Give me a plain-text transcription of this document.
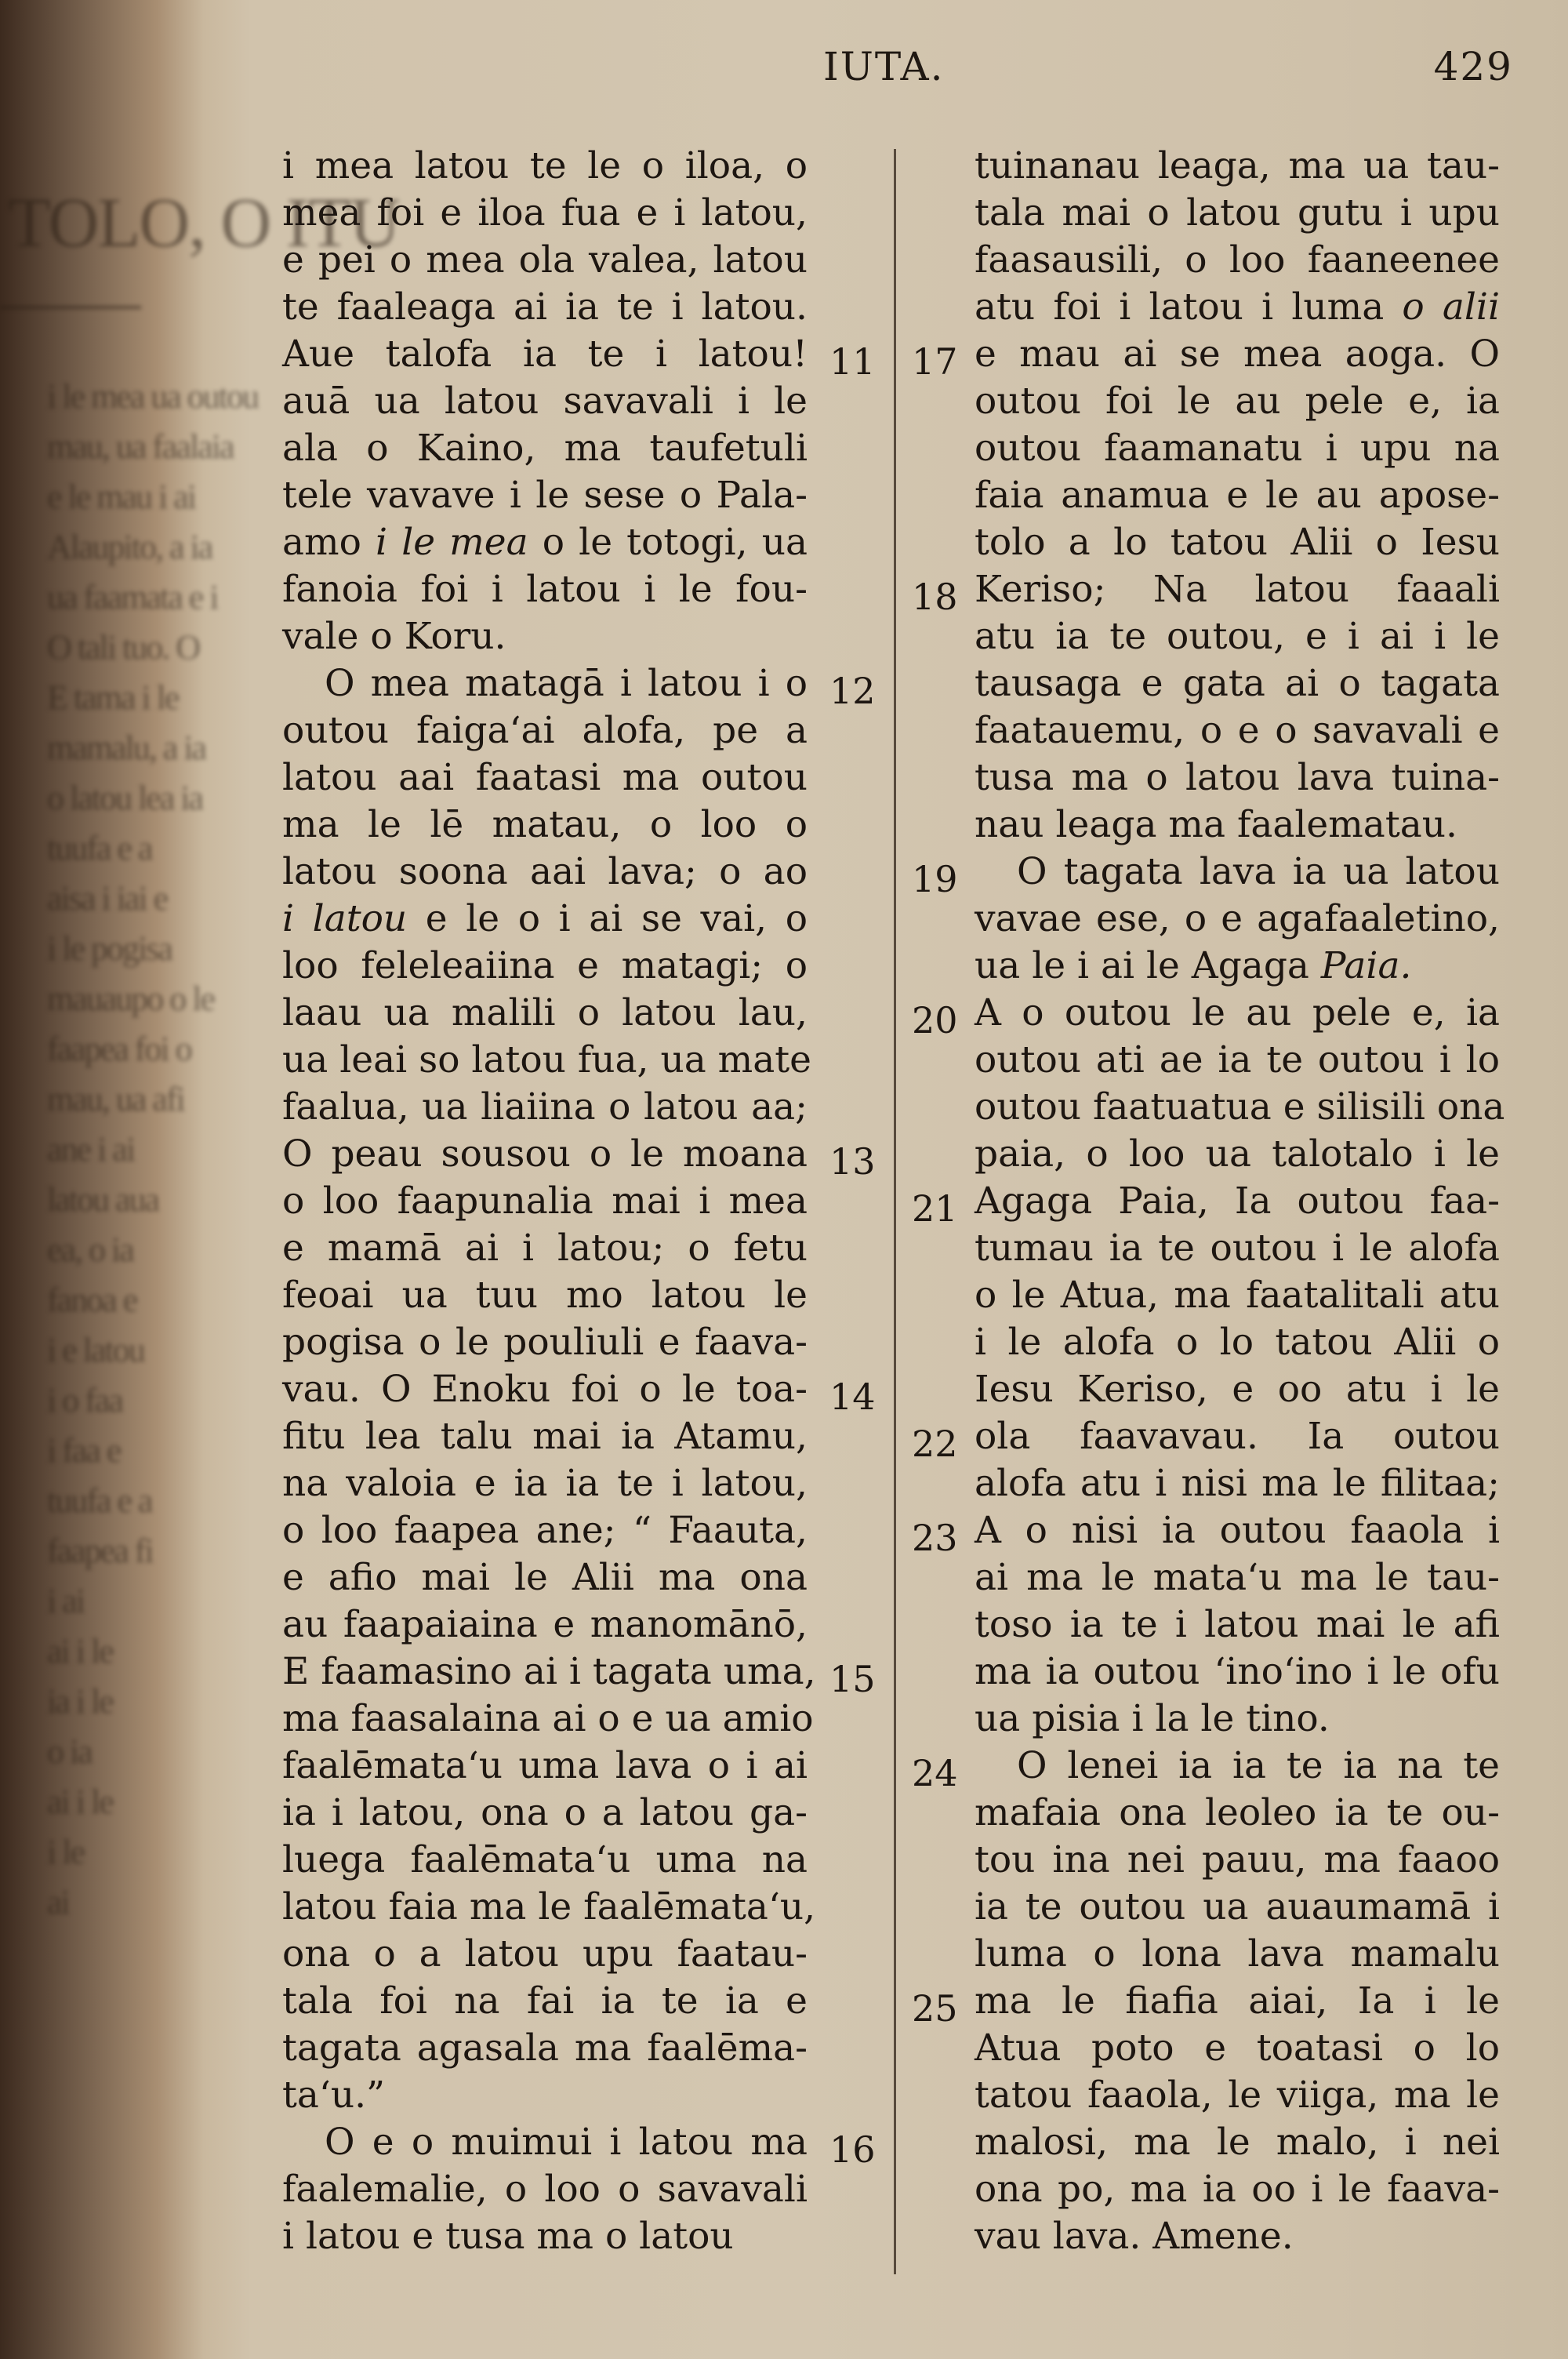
TOLO, O ITU
i le mea ua outou
mau, ua faalaia
e le mau i ai
Alaupito, a ia
ua faamata e i
O tali tuo. O
E tama i le
mamalu, a ia
o latou lea ia
tuufa e a
aisa i iai e
i le pogisa
mauaupo o le
faapea foi o
mau, ua afi
ane i ai
latou aua
ea, o ia
fanoa e
i e latou
i o faa
i faa e
tuufa e a
faapea fi
i ai
ai i le
ia i le
o ia
ai i le
i le
ai
IUTA.	429

i mea latou te le o iloa, o

mea foi e iloa fua e i latou,

e pei o mea ola valea, latou

te faaleaga ai ia te i latou.

Aue talofa ia te i latou!

auā ua latou savavali i le

ala o Kaino, ma taufetuli

tele vavave i le sese o Pala-

amo i le mea o le totogi, ua

fanoia foi i latou i le fou-

vale o Koru.

O mea matagā i latou i o

outou faiga‘ai alofa, pe a

latou aai faatasi ma outou

ma le lē matau, o loo o

latou soona aai lava; o ao

i latou e le o i ai se vai, o

loo feleleaiina e matagi; o

laau ua malili o latou lau,

ua leai so latou fua, ua mate

faalua, ua liaiina o latou aa;

O peau sousou o le moana

o loo faapunalia mai i mea

e mamā ai i latou; o fetu

feoai ua tuu mo latou le

pogisa o le pouliuli e faava-

vau. O Enoku foi o le toa-

fitu lea talu mai ia Atamu,

na valoia e ia ia te i latou,

o loo faapea ane; “ Faauta,

e afio mai le Alii ma ona

au faapaiaina e manomānō,

E faamasino ai i tagata uma,

ma faasalaina ai o e ua amio

faalēmata‘u uma lava o i ai

ia i latou, ona o a latou ga-

luega faalēmata‘u uma na

latou faia ma le faalēmata‘u,

ona o a latou upu faatau-

tala foi na fai ia te ia e

tagata agasala ma faalēma-

ta‘u.”

O e o muimui i latou ma

faalemalie, o loo o savavali

i latou e tusa ma o latou

tuinanau leaga, ma ua tau-

tala mai o latou gutu i upu

faasausili, o loo faaneenee

atu foi i latou i luma o alii

e mau ai se mea aoga. O

outou foi le au pele e, ia

outou faamanatu i upu na

faia anamua e le au apose-

tolo a lo tatou Alii o Iesu

Keriso; Na latou faaali

atu ia te outou, e i ai i le

tausaga e gata ai o tagata

faatauemu, o e o savavali e

tusa ma o latou lava tuina-

nau leaga ma faalematau.

O tagata lava ia ua latou

vavae ese, o e agafaaletino,

ua le i ai le Agaga Paia.

A o outou le au pele e, ia

outou ati ae ia te outou i lo

outou faatuatua e silisili ona

paia, o loo ua talotalo i le

Agaga Paia, Ia outou faa-

tumau ia te outou i le alofa

o le Atua, ma faatalitali atu

i le alofa o lo tatou Alii o

Iesu Keriso, e oo atu i le

ola faavavau. Ia outou

alofa atu i nisi ma le filitaa;

A o nisi ia outou faaola i

ai ma le mata‘u ma le tau-

toso ia te i latou mai le afi

ma ia outou ‘ino‘ino i le ofu

ua pisia i la le tino.

O lenei ia ia te ia na te

mafaia ona leoleo ia te ou-

tou ina nei pauu, ma faaoo

ia te outou ua auaumamā i

luma o lona lava mamalu

ma le fiafia aiai, Ia i le

Atua poto e toatasi o lo

tatou faaola, le viiga, ma le

malosi, ma le malo, i nei

ona po, ma ia oo i le faava-

vau lava. Amene.

11
12
13
14
15
16
17
18
19
20
21
22
23
24
25
